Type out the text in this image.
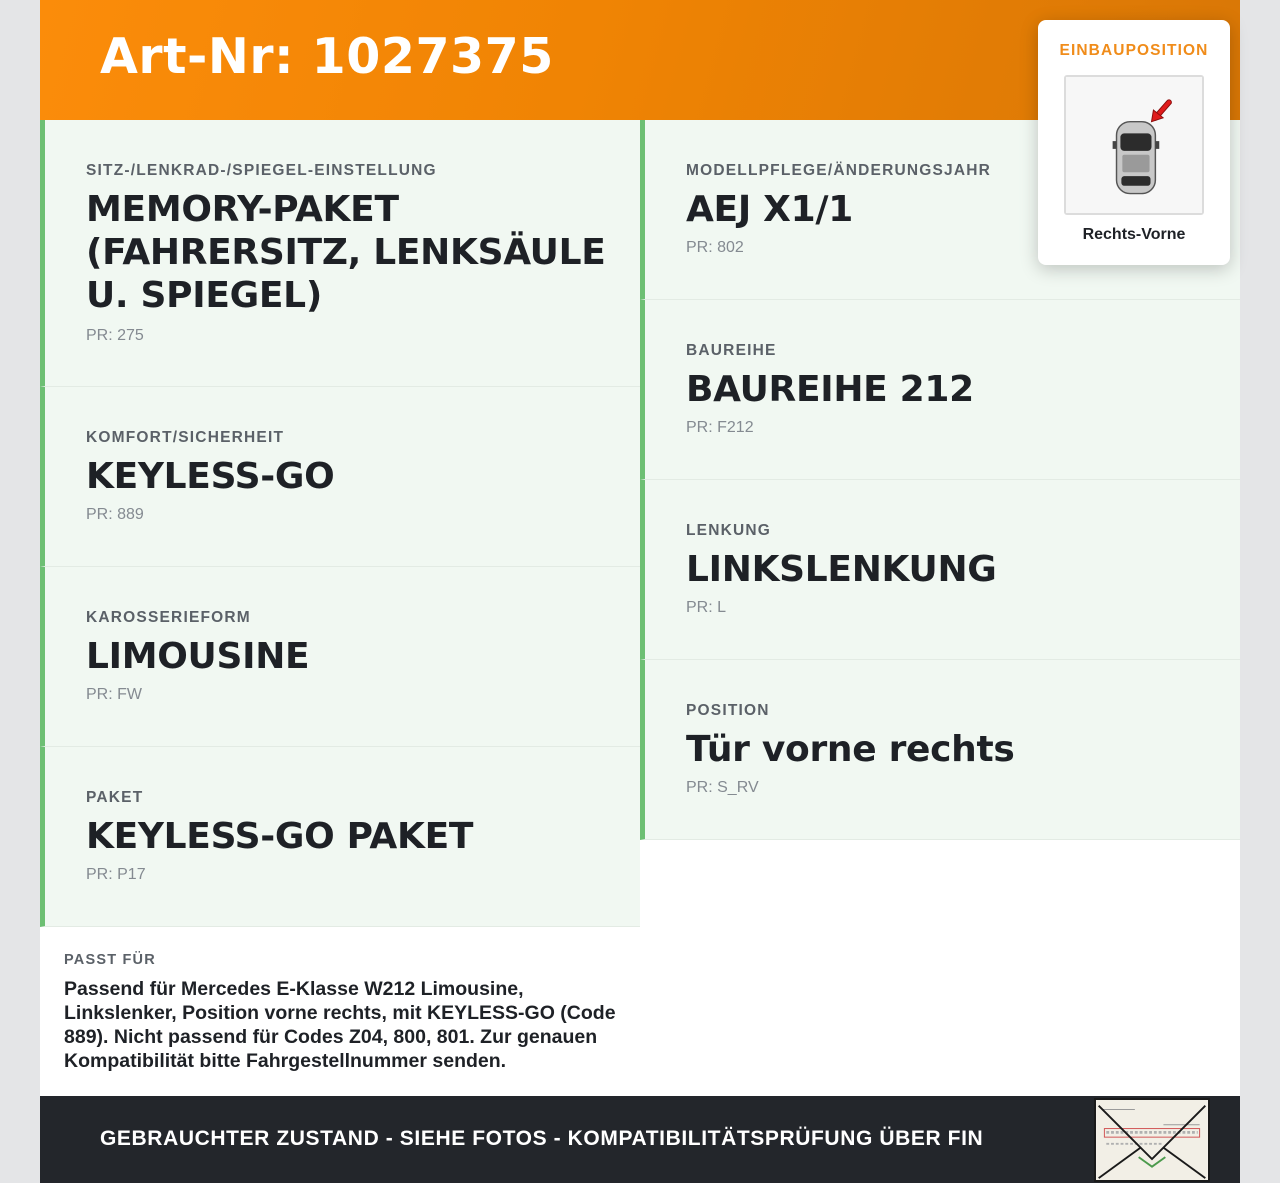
Art-Nr: 1027375
SITZ-/LENKRAD-/SPIEGEL-EINSTELLUNG
MEMORY-PAKET (FAHRERSITZ, LENKSÄULE U. SPIEGEL)
PR: 275
KOMFORT/SICHERHEIT
KEYLESS-GO
PR: 889
KAROSSERIEFORM
LIMOUSINE
PR: FW
PAKET
KEYLESS-GO PAKET
PR: P17
MODELLPFLEGE/ÄNDERUNGSJAHR
AEJ X1/1
PR: 802
BAUREIHE
BAUREIHE 212
PR: F212
LENKUNG
LINKSLENKUNG
PR: L
POSITION
Tür vorne rechts
PR: S_RV
PASST FÜR
Passend für Mercedes E-Klasse W212 Limousine, Linkslenker, Position vorne rechts, mit KEYLESS-GO (Code 889). Nicht passend für Codes Z04, 800, 801. Zur genauen Kompatibilität bitte Fahrgestellnummer senden.
GEBRAUCHTER ZUSTAND - SIEHE FOTOS - KOMPATIBILITÄTSPRÜFUNG ÜBER FIN
EINBAUPOSITION
Rechts-Vorne
